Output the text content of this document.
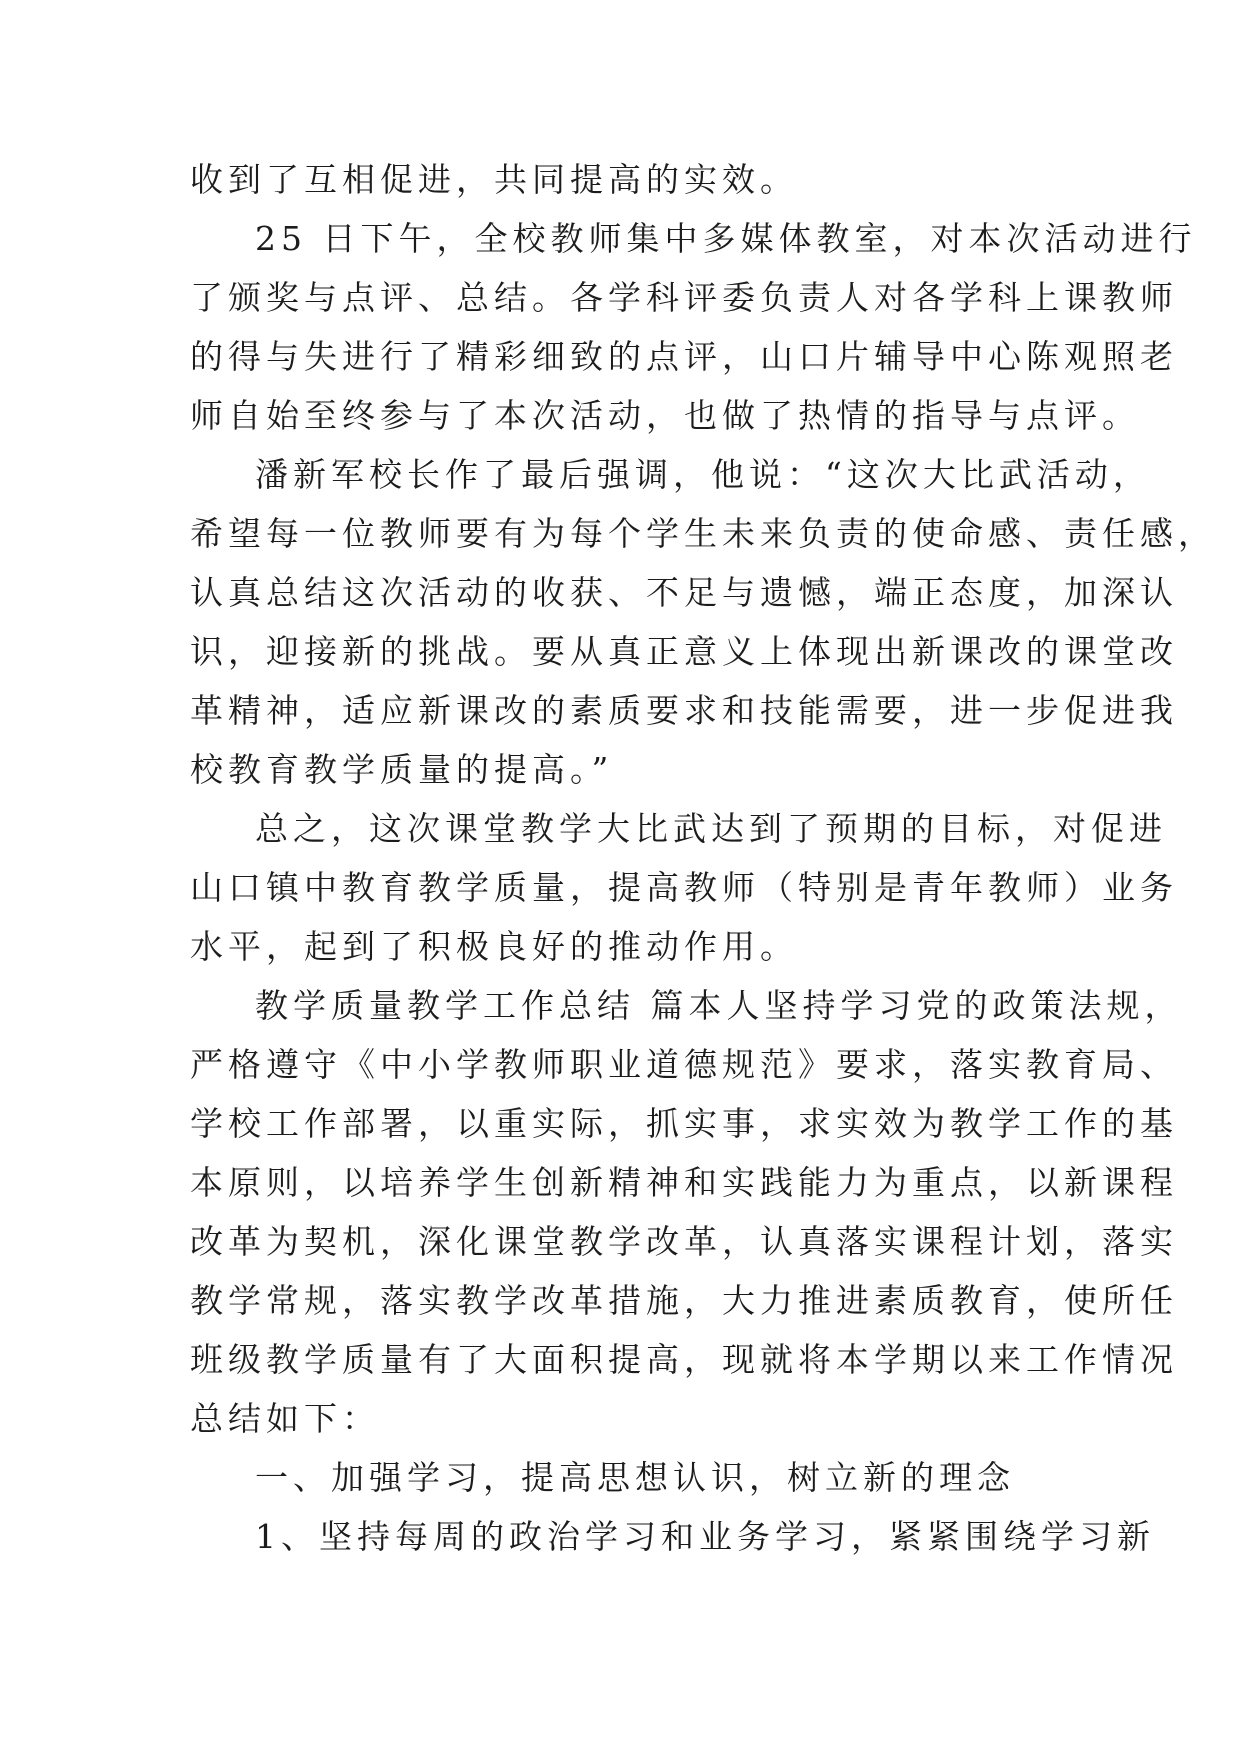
收到了互相促进，共同提高的实效。
25 日下午，全校教师集中多媒体教室，对本次活动进行
了颁奖与点评、总结。各学科评委负责人对各学科上课教师
的得与失进行了精彩细致的点评，山口片辅导中心陈观照老
师自始至终参与了本次活动，也做了热情的指导与点评。
潘新军校长作了最后强调，他说：“这次大比武活动，
希望每一位教师要有为每个学生未来负责的使命感、责任感，
认真总结这次活动的收获、不足与遗憾，端正态度，加深认
识，迎接新的挑战。要从真正意义上体现出新课改的课堂改
革精神，适应新课改的素质要求和技能需要，进一步促进我
校教育教学质量的提高。”
总之，这次课堂教学大比武达到了预期的目标，对促进
山口镇中教育教学质量，提高教师（特别是青年教师）业务
水平，起到了积极良好的推动作用。
教学质量教学工作总结 篇本人坚持学习党的政策法规，
严格遵守《中小学教师职业道德规范》要求，落实教育局、
学校工作部署，以重实际，抓实事，求实效为教学工作的基
本原则，以培养学生创新精神和实践能力为重点，以新课程
改革为契机，深化课堂教学改革，认真落实课程计划，落实
教学常规，落实教学改革措施，大力推进素质教育，使所任
班级教学质量有了大面积提高，现就将本学期以来工作情况
总结如下：
一、加强学习，提高思想认识，树立新的理念
1、坚持每周的政治学习和业务学习，紧紧围绕学习新
